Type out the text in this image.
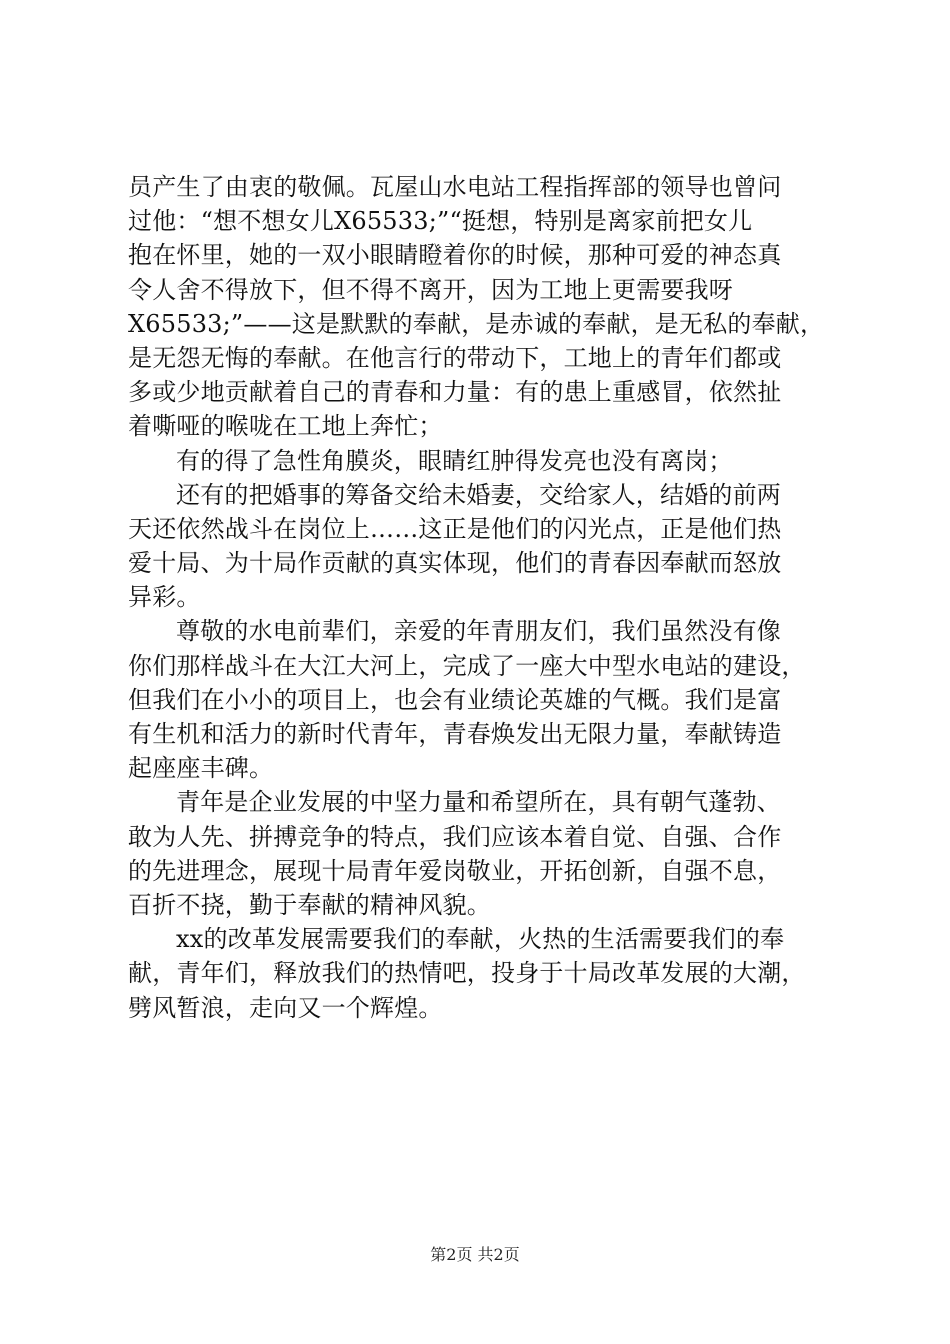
员产生了由衷的敬佩。瓦屋山水电站工程指挥部的领导也曾问
过他：“想不想女儿X65533;”“挺想，特别是离家前把女儿
抱在怀里，她的一双小眼睛瞪着你的时候，那种可爱的神态真
令人舍不得放下，但不得不离开，因为工地上更需要我呀
X65533;”——这是默默的奉献，是赤诚的奉献，是无私的奉献，
是无怨无悔的奉献。在他言行的带动下，工地上的青年们都或
多或少地贡献着自己的青春和力量：有的患上重感冒，依然扯
着嘶哑的喉咙在工地上奔忙；
有的得了急性角膜炎，眼睛红肿得发亮也没有离岗；
还有的把婚事的筹备交给未婚妻，交给家人，结婚的前两
天还依然战斗在岗位上……这正是他们的闪光点，正是他们热
爱十局、为十局作贡献的真实体现，他们的青春因奉献而怒放
异彩。
尊敬的水电前辈们，亲爱的年青朋友们，我们虽然没有像
你们那样战斗在大江大河上，完成了一座大中型水电站的建设，
但我们在小小的项目上，也会有业绩论英雄的气概。我们是富
有生机和活力的新时代青年，青春焕发出无限力量，奉献铸造
起座座丰碑。
青年是企业发展的中坚力量和希望所在，具有朝气蓬勃、
敢为人先、拼搏竞争的特点，我们应该本着自觉、自强、合作
的先进理念，展现十局青年爱岗敬业，开拓创新，自强不息，
百折不挠，勤于奉献的精神风貌。
xx的改革发展需要我们的奉献，火热的生活需要我们的奉
献，青年们，释放我们的热情吧，投身于十局改革发展的大潮，
劈风暂浪，走向又一个辉煌。
第2页 共2页
